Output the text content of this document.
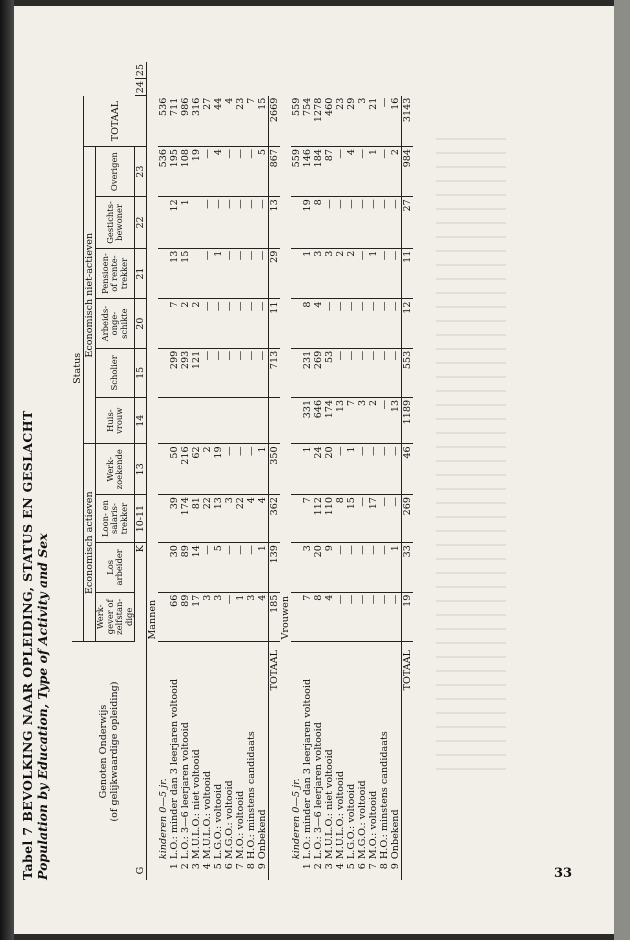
Tabel 7 BEVOLKING NAAR OPLEIDING, STATUS EN GESLACHT Population by Education, Type of Activity and Sex	G	Genoten Onderwijs (of gelijkwaardige opleiding)	Status												
		Economisch actieven				Economisch niet-actieven						TOTAAL		
		Werk- gever of zelfstan- dige	Los arbeider	Loon- en salaris- trekker	Werk- zoekende	Huis- vrouw	Scholier	Arbeids- onge- schikte	Pensioen- of rente- trekker	Gestichts- bewoner	Overigen			
		K		10-11	13	14	15	20	21	22	23		24	25
		Mannen												
	kinderen 0—5 jr.										536	536		
1	L.O.: minder dan 3 leerjaren voltooid	66	30	39	50		299	7	13	12	195	711		
2	L.O.: 3—6 leerjaren voltooid	89	89	174	216		293	2	15	1	108	986		
3	M.U.L.O.: niet voltooid	17	14	81	62		121	2			19	316		
4	M.U.L.O.: voltooid	3	—	22	2		—	—	—	—	—	27		
5	L.G.O.: voltooid	3	5	13	19		—	—	1	—	4	44		
6	M.G.O.: voltooid	—	—	3	—		—	—	—	—	—	4		
7	M.O.: voltooid	1	—	22	—		—	—	—	—	—	23		
8	H.O.: minstens candidaats	3	—	4	—		—	—	—	—	—	7		
9	Onbekend	4	1	4	1		—	—	—	—	5	15		
	TOTAAL	185	139	362	350		713	11	29	13	867	2669		
		Vrouwen												
	kinderen 0—5 jr.										559	559		
1	L.O.: minder dan 3 leerjaren voltooid	7	3	7	1	331	231	8	1	19	146	754		
2	L.O.: 3—6 leerjaren voltooid	8	20	112	24	646	269	4	3	8	184	1278		
3	M.U.L.O.: niet voltooid	4	9	110	20	174	53	—	3	—	87	460		
4	M.U.L.O.: voltooid	—	—	8	—	13	—	—	2	—	—	23		
5	L.G.O.: voltooid	—	—	15	1	7	—	—	2	—	4	29		
6	M.G.O.: voltooid	—	—	—	—	3	—	—	—	—	—	3		
7	M.O.: voltooid	—	—	17	—	2	—	—	1	—	1	21		
8	H.O.: minstens candidaats	—	—	—	—	—	—	—	—	—	—	—		
9	Onbekend	—	1	—	—	13	—	—	—	—	2	16		
	TOTAAL	19	33	269	46	1189	553	12	11	27	984	3143		
33
